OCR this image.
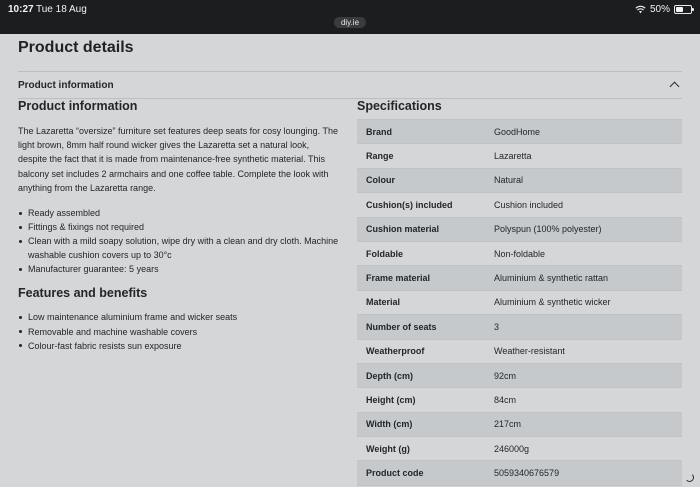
10:27 Tue 18 Aug	50%
diy.ie
Product details
Product information
Product information

The Lazaretta “oversize” furniture set features deep seats for cosy lounging. The light brown, 8mm half round wicker gives the Lazaretta set a natural look, despite the fact that it is made from maintenance-free synthetic material. This balcony set includes 2 armchairs and one coffee table. Complete the look with anything from the Lazaretta range.

Ready assembled
Fittings & fixings not required
Clean with a mild soapy solution, wipe dry with a clean and dry cloth. Machine washable cushion covers up to 30°c
Manufacturer guarantee: 5 years
Features and benefits
Low maintenance aluminium frame and wicker seats
Removable and machine washable covers
Colour-fast fabric resists sun exposure
Specifications
Brand	GoodHome
Range	Lazaretta
Colour	Natural
Cushion(s) included	Cushion included
Cushion material	Polyspun (100% polyester)
Foldable	Non-foldable
Frame material	Aluminium & synthetic rattan
Material	Aluminium & synthetic wicker
Number of seats	3
Weatherproof	Weather-resistant
Depth (cm)	92cm
Height (cm)	84cm
Width (cm)	217cm
Weight (g)	246000g
Product code	5059340676579
